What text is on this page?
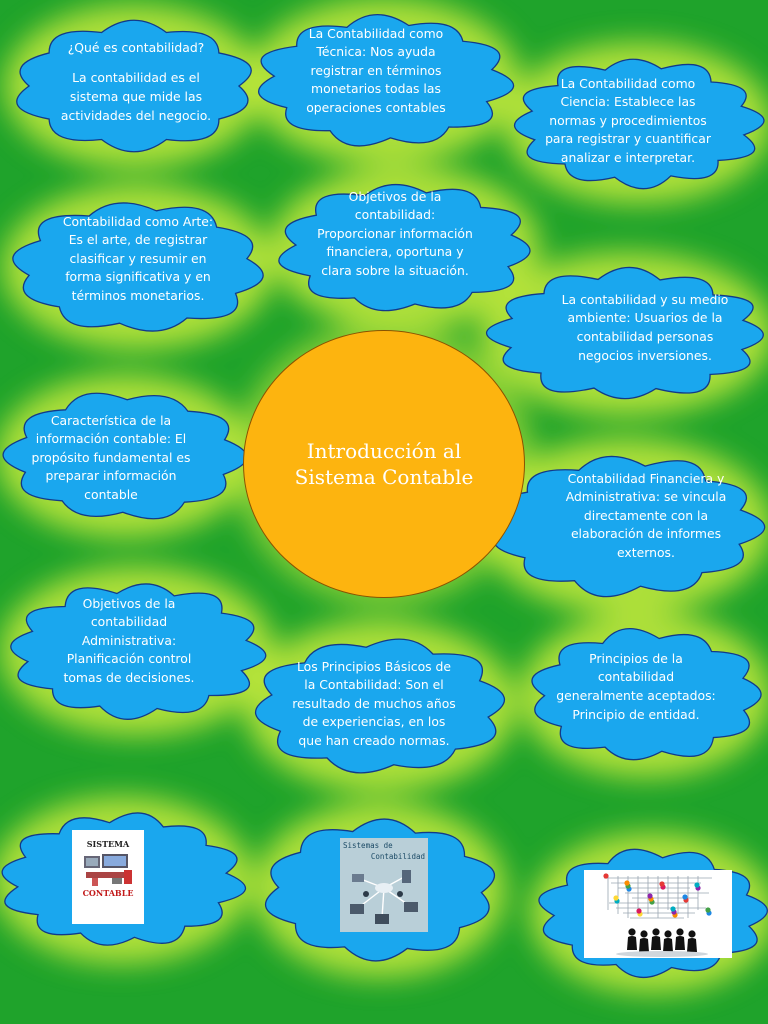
¿Qué es contabilidad?
La contabilidad es el
sistema que mide las
actividades del negocio.
La Contabilidad como
Técnica: Nos ayuda
registrar en términos
monetarios todas las
operaciones contables
La Contabilidad como
Ciencia: Establece las
normas y procedimientos
para registrar y cuantificar
analizar e interpretar.
Contabilidad como Arte:
Es el arte, de registrar
clasificar y resumir en
forma significativa y en
términos monetarios.
Objetivos de la
contabilidad:
Proporcionar información
financiera, oportuna y
clara sobre la situación.
La contabilidad y su medio
ambiente: Usuarios de la
contabilidad personas
negocios inversiones.
Característica de la
información contable: El
propósito fundamental es
preparar información
contable
Contabilidad Financiera y
Administrativa: se vincula
directamente con la
elaboración de informes
externos.
Objetivos de la
contabilidad
Administrativa:
Planificación control
tomas de decisiones.
Los Principios Básicos de
la Contabilidad: Son el
resultado de muchos años
de experiencias, en los
que han creado normas.
Principios de la
contabilidad
generalmente aceptados:
Principio de entidad.
Introducción al
Sistema Contable
SISTEMA
CONTABLE
Sistemas de
Contabilidad
